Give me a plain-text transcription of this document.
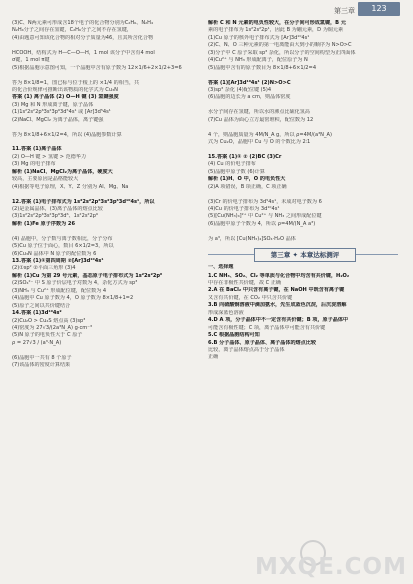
第三章	123
(3)C、N两元素可形成含18个电子的化合物分别为C₂H₆、N₂H₄
N₂H₄分子之间存在氢键，C₂H₆分子之间不存在氢键，
(4)由题意可知该化合物的相对分子质量为46，且其所含化合物
HCOOH，结构式为 H—C—O—H，1 mol 该分子中含有4 mol
σ键，1 mol π键
(5)根据晶胞示意图可知，一个晶胞中含有原子数为 12×1/6+2×1/2+3=6
答为 8×1/8=1，图已标与位于棱上的 ×1/4 的相当，共
的化合价规律可推断出该物质的化学式为 Cu₃N
答案 (1) 离子晶体 (2) O—H 键 (3) 氢键强度
(3) Mg 和 N 形成离子键，原子晶体
(1)1s²2s²2p⁶3s²3p⁶3d⁵4s¹ 或 [Ar]3d⁵4s¹
(2)NaCl、MgCl₂ 为离子晶体，离子键强
答为 8×1/8+6×1/2=4，所以 (4)晶胞参数计算
11.答案 (1)离子晶体
(2) O—H 键 > 氢键 > 范德华力
(3) Mg 的电子排布
解析 (1)NaCl、MgCl₂为离子晶体，硬度大
较高，主要原因是晶格能较大
(4)根据等电子原理，X、Y、Z 分别为 Al、Mg、Na
12.答案 (1)电子排布式为 1s²2s²2p⁶3s²3p⁶3d¹⁰4s¹，所以
(2)是金属晶体，(3)离子晶体的熔点比较
(3)1s²2s²2p⁶3s²3p⁶3d⁶、1s²2s²2p⁶
解析 (1)Fe 原子序数为 26
(4) 晶胞中，分子数与离子数相比，分子分布
(5)Cu 原子位于面心，数目 6×1/2=3，所以
(6)Cu₃N 晶体中 N 原子的配位数为 6
13.答案 (1)①第四周期 ②[Ar]3d¹⁰4s¹
(2)①sp² ②平面三角形 (3)4
解析 (1)Cu 为第 29 号元素，基态原子电子排布式为 1s²2s²2p⁶
(2)SO₄²⁻ 中 S 原子价层电子对数为 4，杂化方式为 sp³
(3)NH₃ 与 Cu²⁺ 形成配位键，配位数为 4
(4)晶胞中 Cu 原子数为 4，O 原子数为 8×1/8+1=2
(5)原子之间以共价键结合
14.答案 (1)3d¹⁰4s²
(2)Cu₂O > Cu₂S 熔点高 (3)sp³
(4)密度为 27√3/(2a³N_A) g·cm⁻³
(5)N 原子的电负性大于 C 原子
ρ = 27√3 / (a³·N_A)
(6)晶胞中一共有 8 个原子
(7)该晶体的密度计算结果
解析 C 和 N 元素的电负性较大，在分子间可形成氢键，B 元
素的电子排布为 1s²2s²2p¹，因此 B 为硼元素，D 为铜元素
(1)Cu 原子的核外电子排布式为 [Ar]3d¹⁰4s¹
(2)C、N、O 三种元素的第一电离能由大到小的顺序为 N>O>C
(3)分子中 C 原子采取 sp³ 杂化，所以分子的空间构型为正四面体
(4)Cu²⁺ 与 NH₃ 形成配离子，配位原子为 N
(5)晶胞中含有的原子数目为 8×1/8+6×1/2=4
答案 (1)[Ar]3d¹⁰4s¹ (2)N>O>C
(3)sp³ 杂化 (4)配位键 (5)4
(6)晶胞的边长为 a cm，则晶体密度
水分子间存在氢键，所以水的沸点比硫化氢高
(7)Cu 晶体为面心立方最密堆积，配位数为 12
4 个，则晶胞质量为 4M/N_A g，所以 ρ=4M/(a³N_A)
式为 Cu₂O，晶胞中 Cu 与 O 的个数比为 2∶1
15.答案 (1)① ② (2)BC (3)Cr
(4) Cu 的价电子排布
(5)晶胞中原子数 (6)计算
解析 (1)H、O 中，O 的电负性大
(2)A 项错误，B 项正确，C 项正确
(3)Cr 的价电子排布为 3d⁵4s¹，未成对电子数为 6
(4)Cu 的价电子排布为 3d¹⁰4s¹
(5)[Cu(NH₃)₄]²⁺ 中 Cu²⁺ 与 NH₃ 之间形成配位键
(6)晶胞中原子个数为 4，所以 ρ=4M/(N_A a³)
为 a³，所以 [Cu(NH₃)₄]SO₄·H₂O 晶体
第三章 ✦ 本章达标测评
一、选择题
1.C NH₃、SO₂、Cl₂ 等单质与化合物中均含有共价键，H₂O₂
中存在非极性共价键，故 C 正确
2.A 在 BaCl₂ 中只含有离子键，在 NaOH 中既含有离子键
又含有共价键，在 CO₂ 中只含共价键
3.B 向硫酸铜溶液中滴加氨水，先生成蓝色沉淀，后沉淀溶解
形成深蓝色溶液
4.D A 项，分子晶体中不一定含有共价键；B 项，原子晶体中
可能含有极性键；C 项，离子晶体中可能含有共价键
5.C 根据晶胞结构可知
6.B 分子晶体、原子晶体、离子晶体的熔点比较
比较，离子晶体熔点高于分子晶体
正确
MXQE.COM
